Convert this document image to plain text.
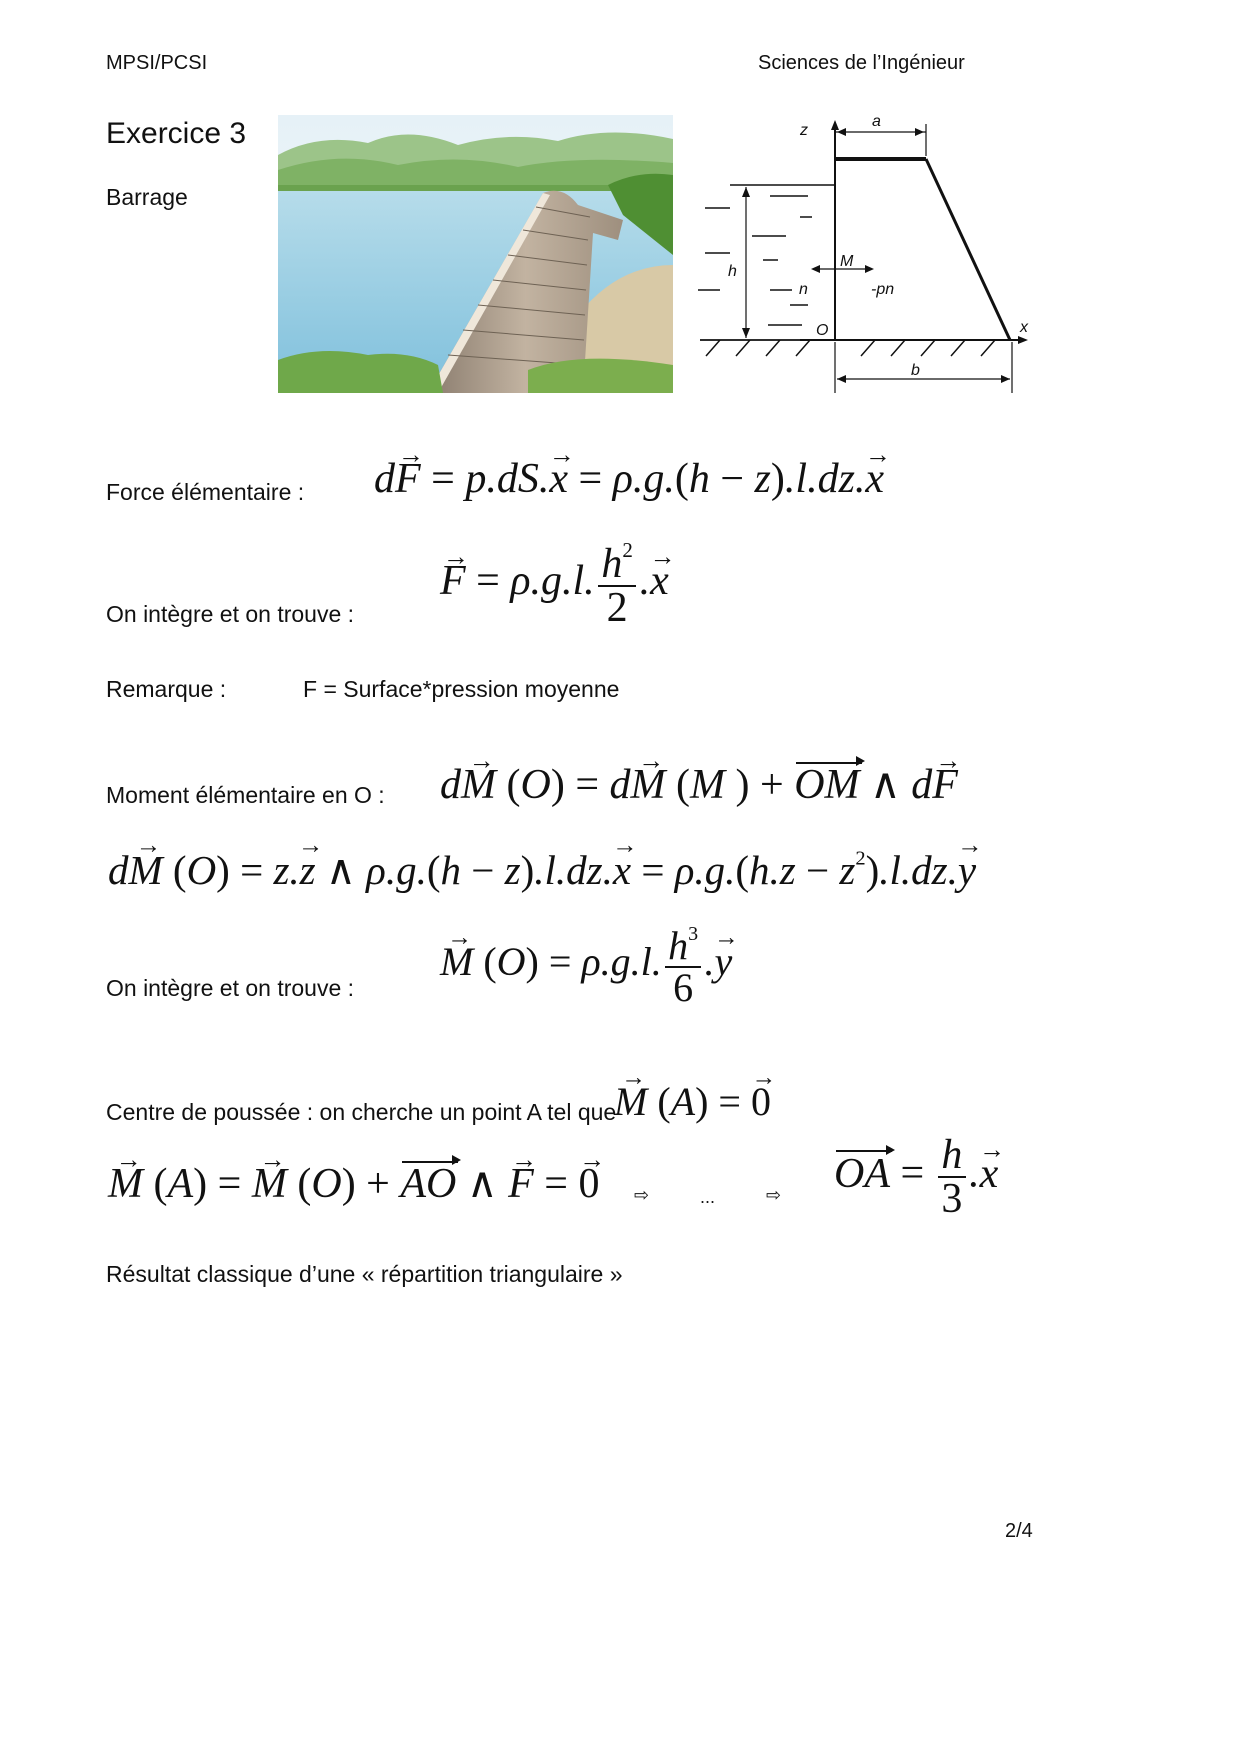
MPSI/PCSI	Sciences de l’Ingénieur
Exercice 3
Barrage
z
a
h
M
n	-pn
O	x
b
Force élémentaire : d→ F = p.dS.→ x = ρ.g.(h − z).l.dz.→ x
On intègre et on trouve :
→ F = ρ.g.l. $\frac{h^2}{2}$ .→ x
Remarque :	F = Surface*pression moyenne
Moment élémentaire en O : d→ M (O) = d→ M (M ) + OM ∧ d→ F
d→ M (O) = z.→ z ∧ $\rho.g.(h - z).l.dz.\to x = \rho.g.(h.z - z^2).l.dz.\to y$
On intègre et on trouve :
→ M (O) = ρ.g.l. $\frac{h^3}{6}$ .→ y
Centre de poussée : on cherche un point A tel que
→ M (A) = → 0
→ M (A) = → M (O) + AO ∧ → F = → 0 ⇨	...	⇨ OA = $\frac{h}{3}$ .→ x
Résultat classique d’une « répartition triangulaire »
2/4
